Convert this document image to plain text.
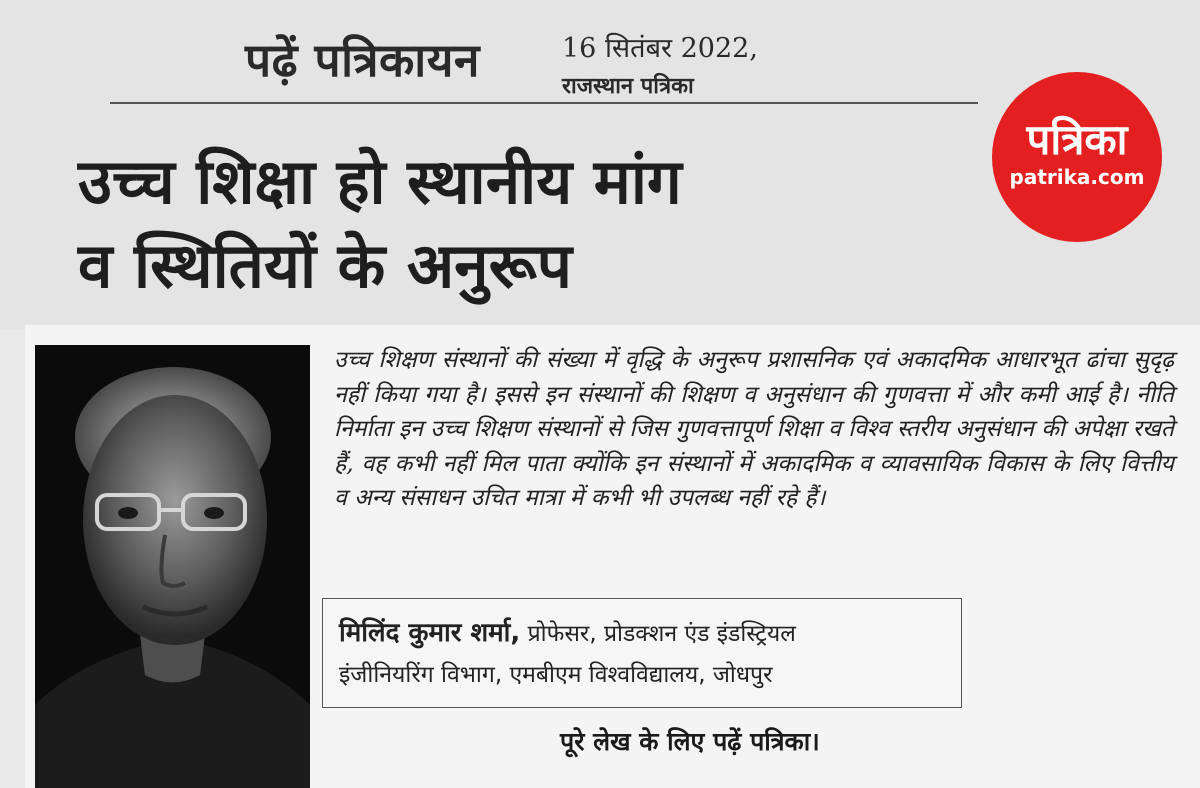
पढ़ें पत्रिकायन	16 सितंबर 2022,
राजस्थान पत्रिका
पत्रिका
patrika.com
उच्च शिक्षा हो स्थानीय मांग
व स्थितियों के अनुरूप
उच्च शिक्षण संस्थानों की संख्या में वृद्धि के अनुरूप प्रशासनिक एवं अकादमिक आधारभूत ढांचा सुदृढ़ नहीं किया गया है। इससे इन संस्थानों की शिक्षण व अनुसंधान की गुणवत्ता में और कमी आई है। नीति निर्माता इन उच्च शिक्षण संस्थानों से जिस गुणवत्तापूर्ण शिक्षा व विश्व स्तरीय अनुसंधान की अपेक्षा रखते हैं, वह कभी नहीं मिल पाता क्योंकि इन संस्थानों में अकादमिक व व्यावसायिक विकास के लिए वित्तीय व अन्य संसाधन उचित मात्रा में कभी भी उपलब्ध नहीं रहे हैं।
मिलिंद कुमार शर्मा, प्रोफेसर, प्रोडक्शन एंड इंडस्ट्रियल
इंजीनियरिंग विभाग, एमबीएम विश्वविद्यालय, जोधपुर
पूरे लेख के लिए पढ़ें पत्रिका।
